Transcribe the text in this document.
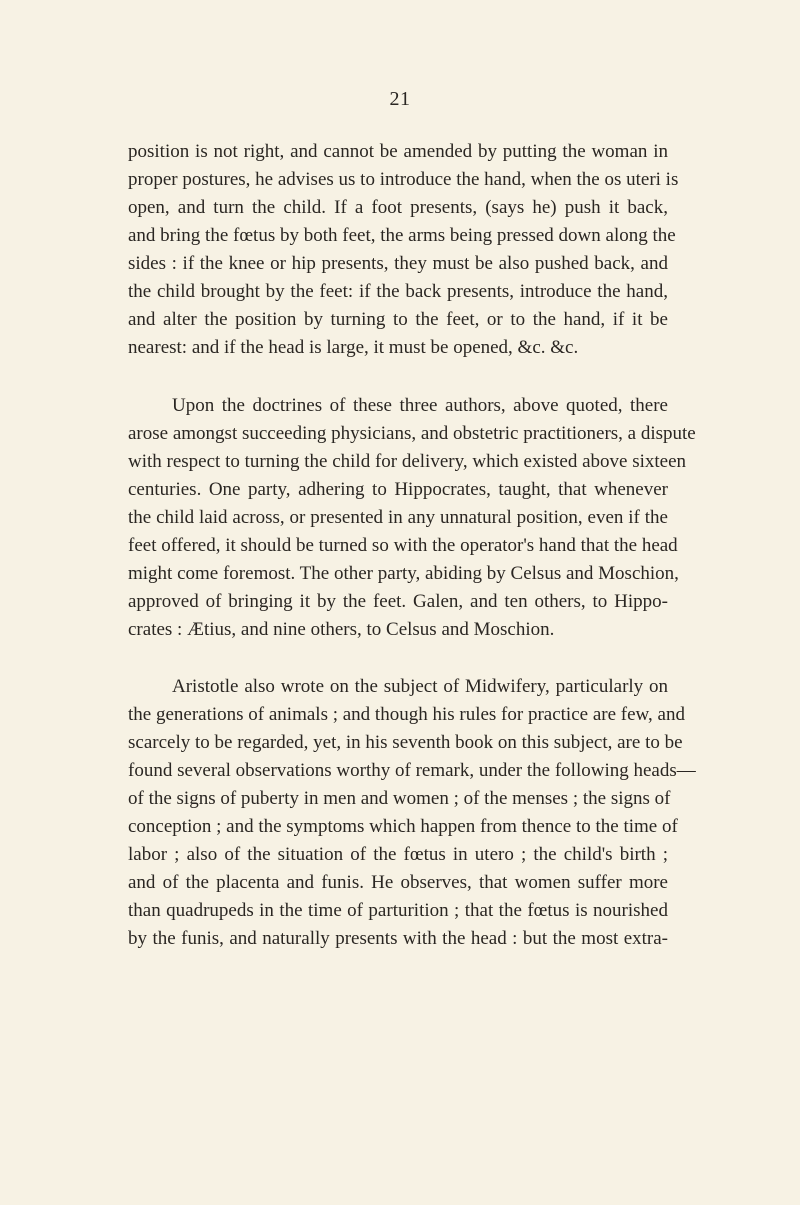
21
position is not right, and cannot be amended by putting the woman in
proper postures, he advises us to introduce the hand, when the os uteri is
open, and turn the child. If a foot presents, (says he) push it back,
and bring the fœtus by both feet, the arms being pressed down along the
sides : if the knee or hip presents, they must be also pushed back, and
the child brought by the feet: if the back presents, introduce the hand,
and alter the position by turning to the feet, or to the hand, if it be
nearest: and if the head is large, it must be opened, &c. &c.
Upon the doctrines of these three authors, above quoted, there
arose amongst succeeding physicians, and obstetric practitioners, a dispute
with respect to turning the child for delivery, which existed above sixteen
centuries. One party, adhering to Hippocrates, taught, that whenever
the child laid across, or presented in any unnatural position, even if the
feet offered, it should be turned so with the operator's hand that the head
might come foremost. The other party, abiding by Celsus and Moschion,
approved of bringing it by the feet. Galen, and ten others, to Hippo-
crates : Ætius, and nine others, to Celsus and Moschion.
Aristotle also wrote on the subject of Midwifery, particularly on
the generations of animals ; and though his rules for practice are few, and
scarcely to be regarded, yet, in his seventh book on this subject, are to be
found several observations worthy of remark, under the following heads—
of the signs of puberty in men and women ; of the menses ; the signs of
conception ; and the symptoms which happen from thence to the time of
labor ; also of the situation of the fœtus in utero ; the child's birth ;
and of the placenta and funis. He observes, that women suffer more
than quadrupeds in the time of parturition ; that the fœtus is nourished
by the funis, and naturally presents with the head : but the most extra-
